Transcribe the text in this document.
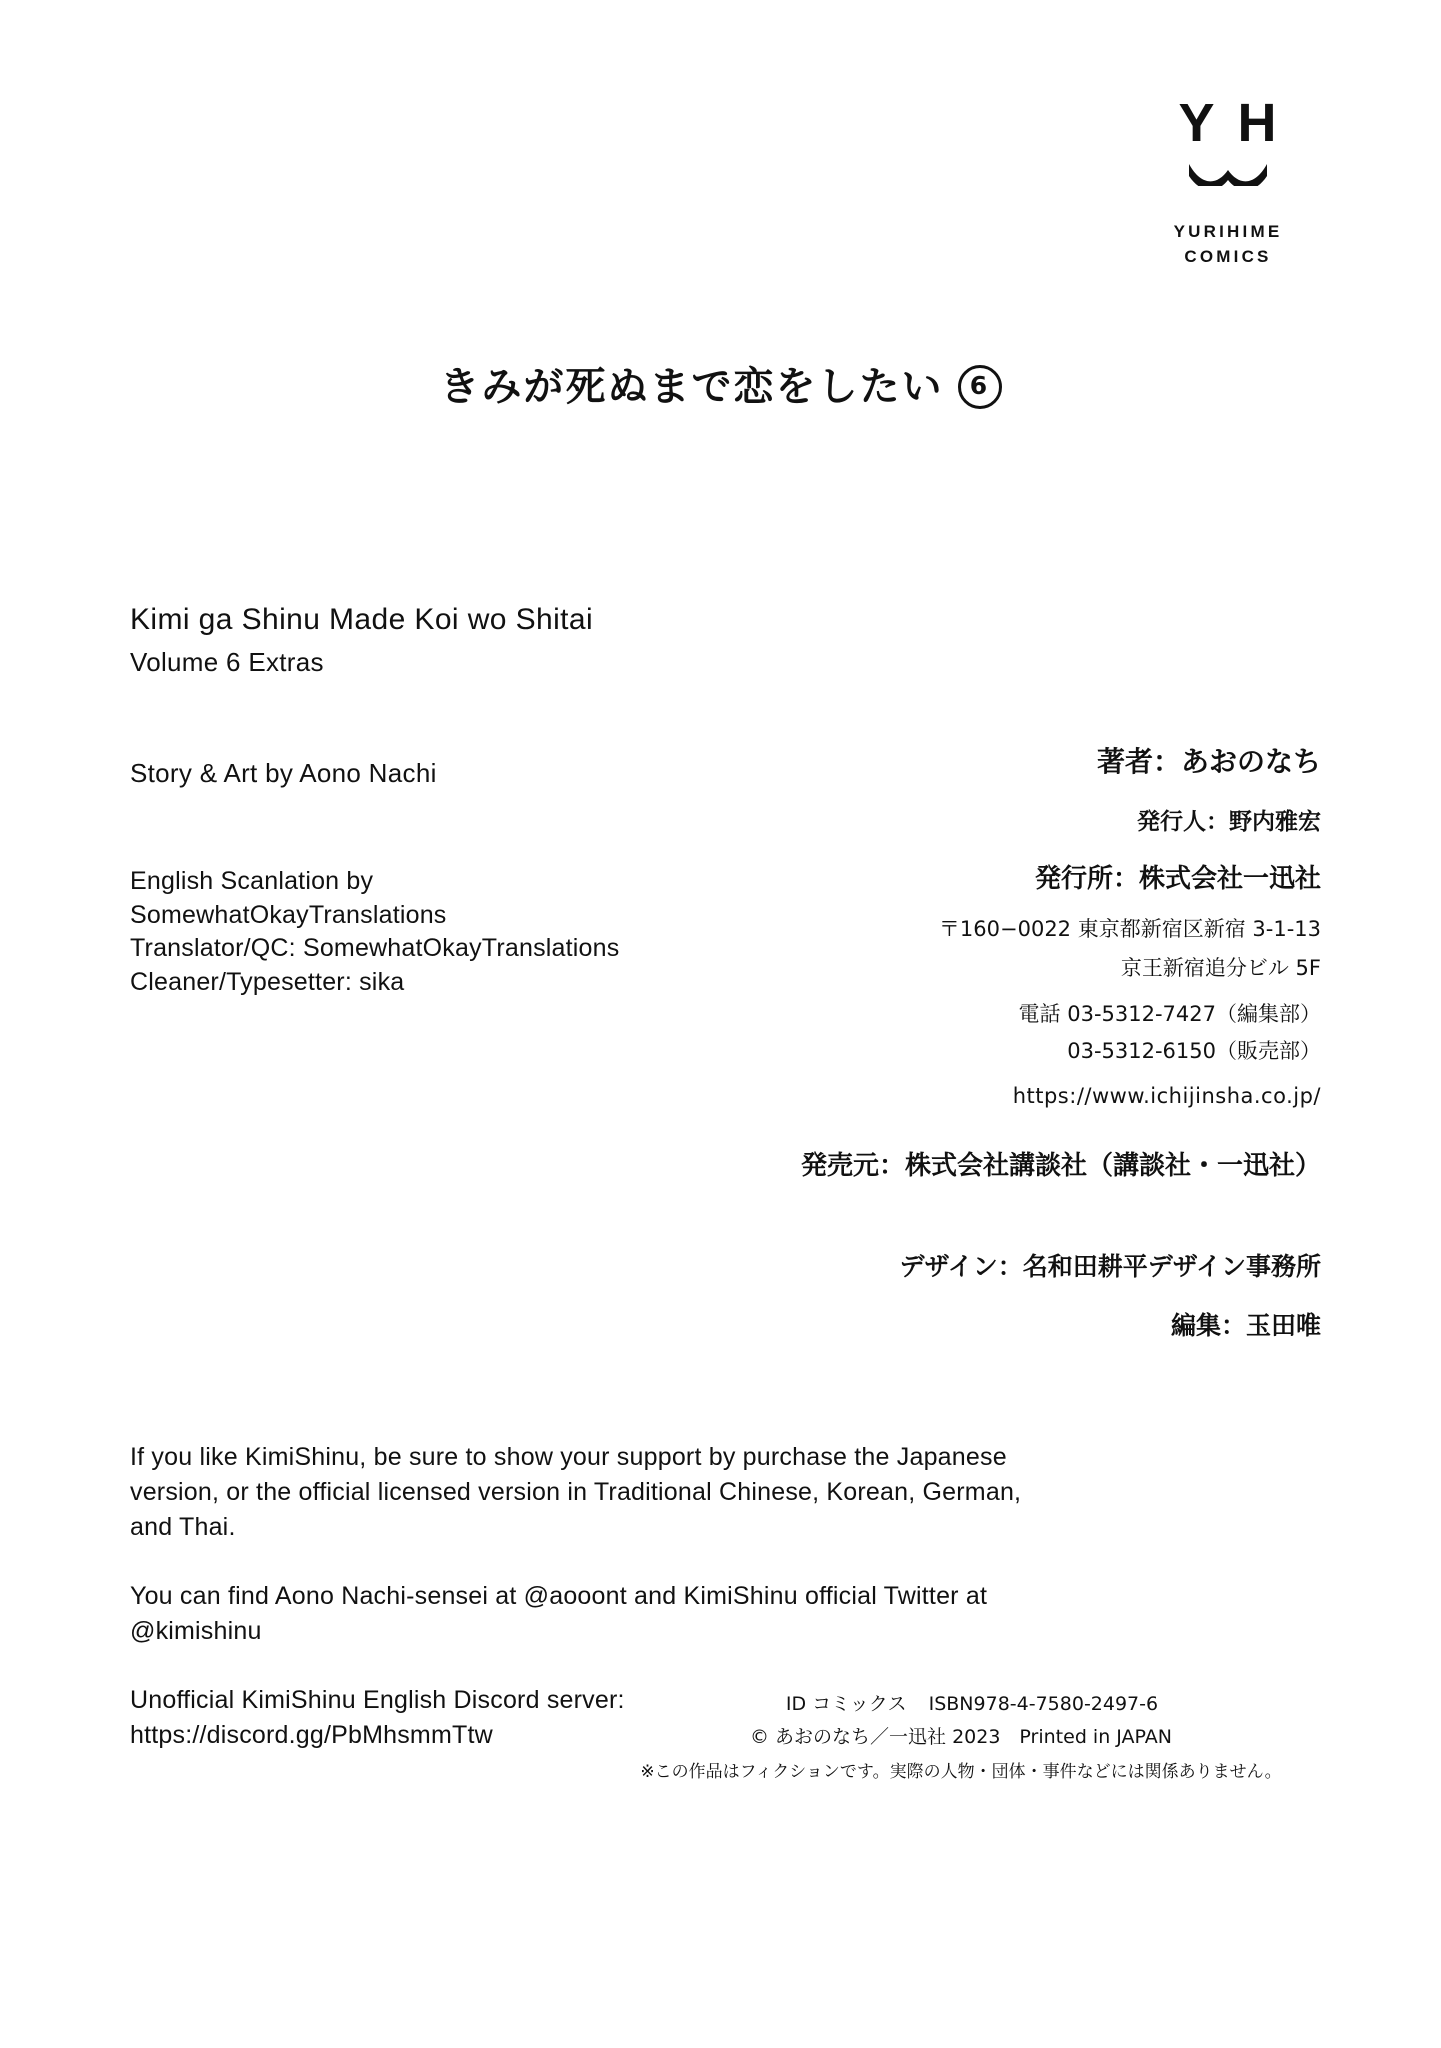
Y H
YURIHIME
COMICS
きみが死ぬまで恋をしたい 6
Kimi ga Shinu Made Koi wo Shitai
Volume 6 Extras
Story & Art by Aono Nachi
English Scanlation by
SomewhatOkayTranslations
Translator/QC: SomewhatOkayTranslations
Cleaner/Typesetter: sika
著者：あおのなち
発行人：野内雅宏
発行所：株式会社一迅社
〒160−0022 東京都新宿区新宿 3-1-13
京王新宿追分ビル 5F
電話 03-5312-7427（編集部）
03-5312-6150（販売部）
https://www.ichijinsha.co.jp/
発売元：株式会社講談社（講談社・一迅社）
デザイン：名和田耕平デザイン事務所
編集：玉田唯

If you like KimiShinu, be sure to show your support by purchase the Japanese version, or the official licensed version in Traditional Chinese, Korean, German, and Thai.

You can find Aono Nachi-sensei at @aooont and KimiShinu official Twitter at @kimishinu

Unofficial KimiShinu English Discord server:
https://discord.gg/PbMhsmmTtw

ID コミックス ISBN978-4-7580-2497-6
© あおのなち／一迅社 2023　Printed in JAPAN
※この作品はフィクションです。実際の人物・団体・事件などには関係ありません。
